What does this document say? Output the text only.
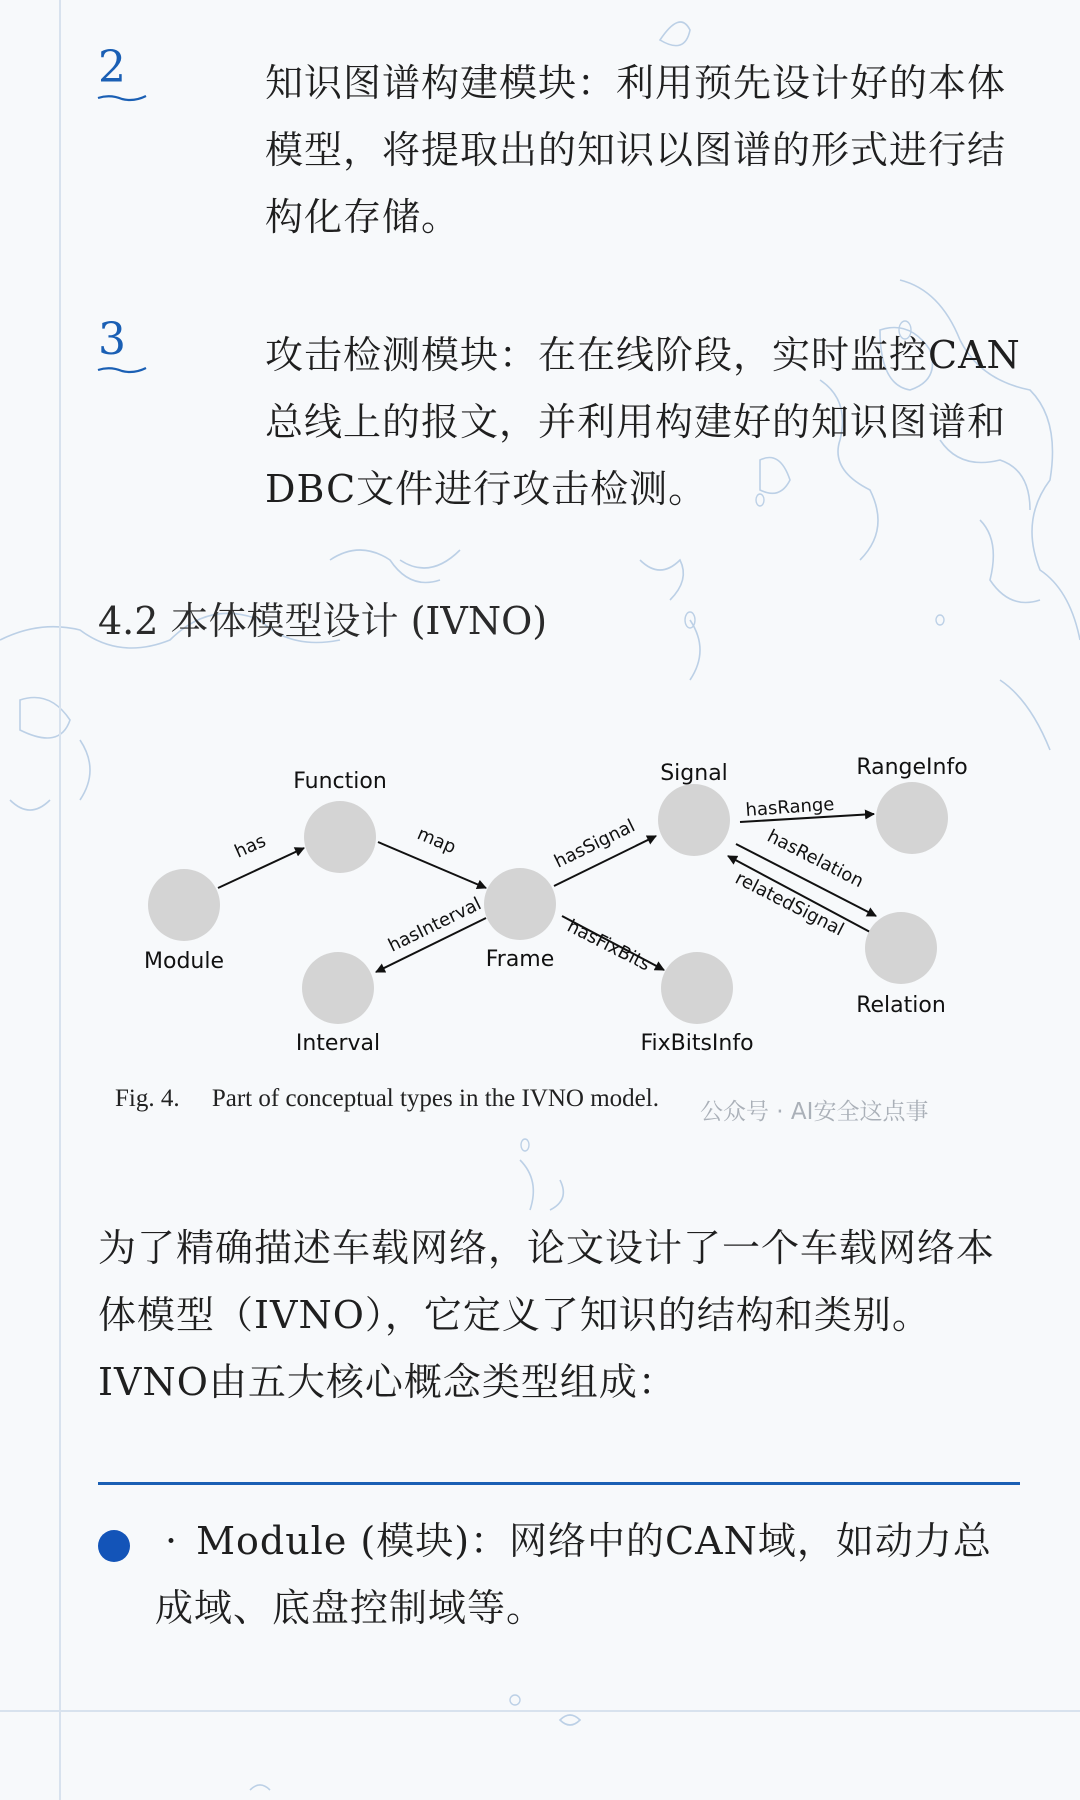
2	知识图谱构建模块：利用预先设计好的本体模型，将提取出的知识以图谱的形式进行结构化存储。
3	攻击检测模块：在在线阶段，实时监控CAN总线上的报文，并利用构建好的知识图谱和DBC文件进行攻击检测。
4.2 本体模型设计 (IVNO)
Module
Function
Frame
Interval
Signal
FixBitsInfo
RangeInfo
Relation
has	map
hasInterval
hasSignal
hasFixBits
hasRange
hasRelation
relatedSignal
Fig. 4. Part of conceptual types in the IVNO model. 公众号 · AI安全这点事

为了精确描述车载网络，论文设计了一个车载网络本体模型（IVNO），它定义了知识的结构和类别。IVNO由五大核心概念类型组成：

· Module (模块)：网络中的CAN域，如动力总成域、底盘控制域等。
